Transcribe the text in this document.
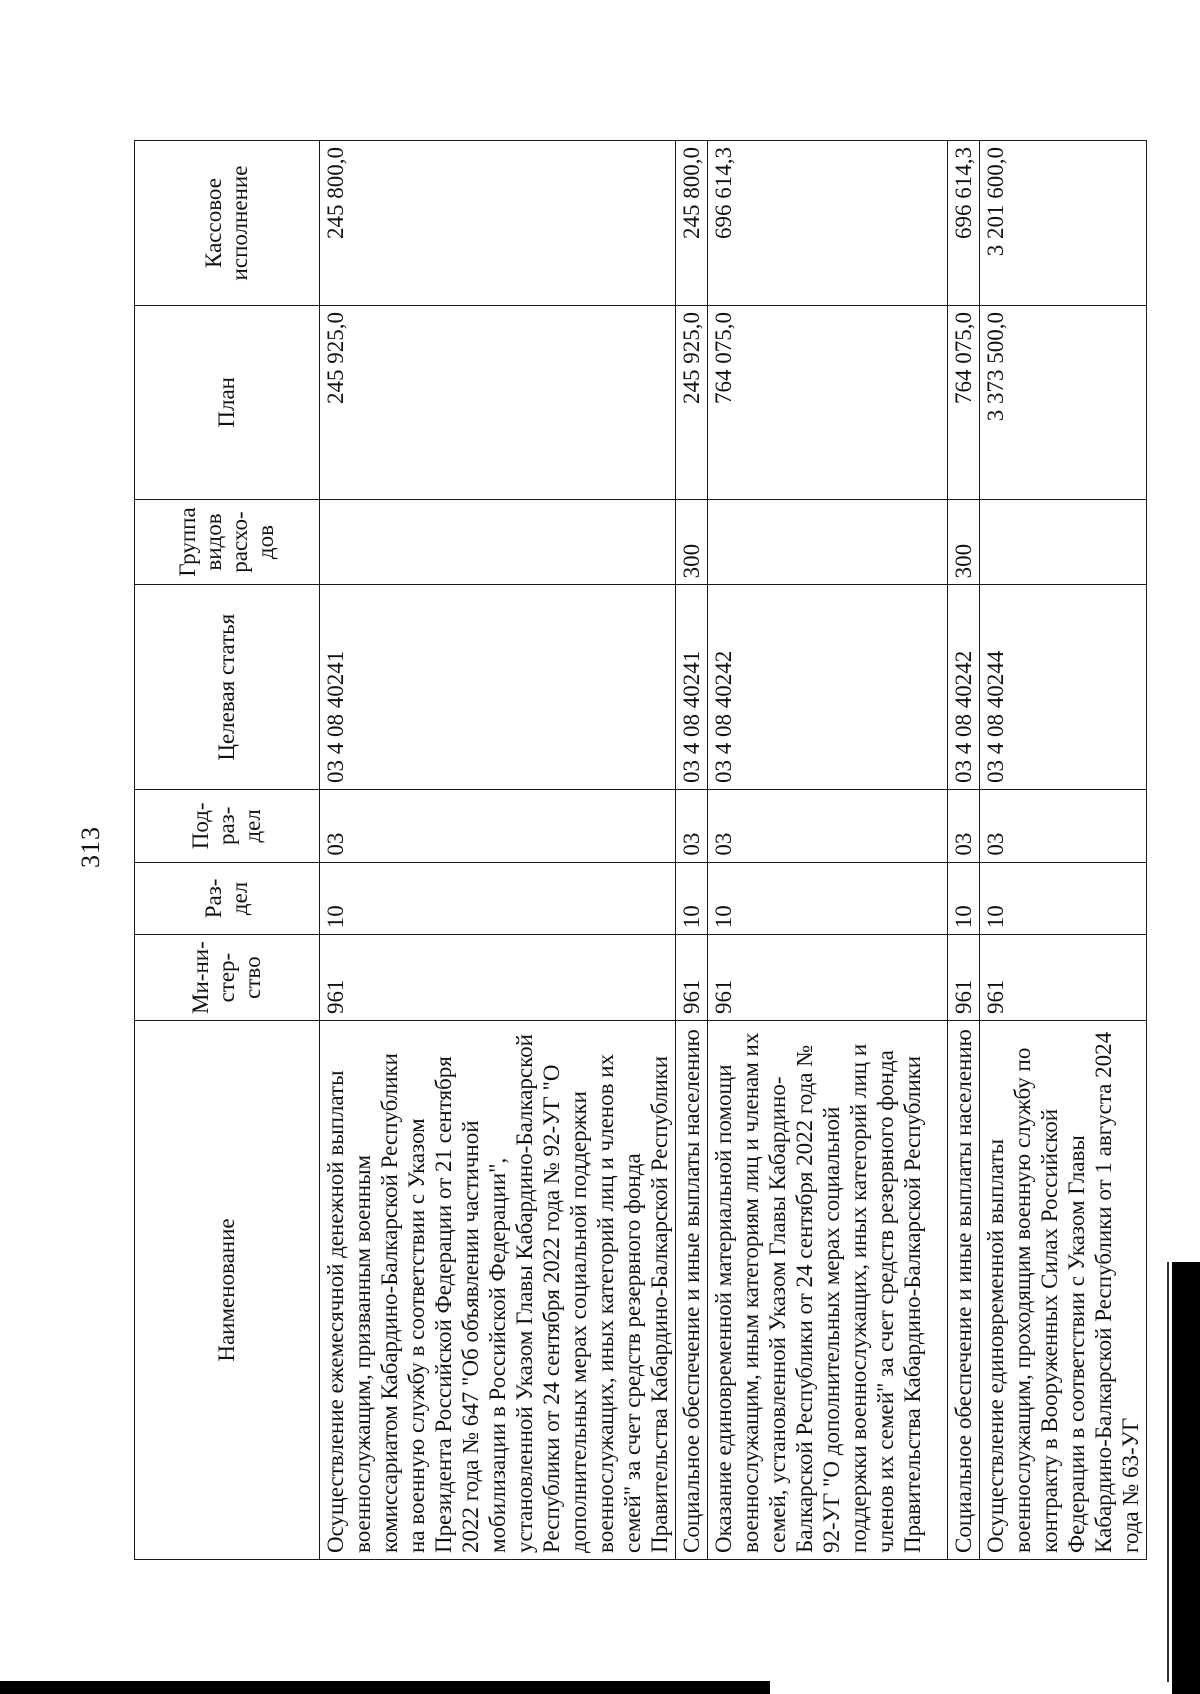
313
Наименование	Ми-ни-стер-ство	Раз-дел	Под-раз-дел	Целевая статья	Группа видов расхо-дов	План	Кассовое исполнение
Осуществление ежемесячной денежной выплаты военнослужащим, призванным военным комиссариатом Кабардино-Балкарской Республики на военную службу в соответствии с Указом Президента Российской Федерации от 21 сентября 2022 года № 647 "Об объявлении частичной мобилизации в Российской Федерации", установленной Указом Главы Кабардино-Балкарской Республики от 24 сентября 2022 года № 92-УГ "О дополнительных мерах социальной поддержки военнослужащих, иных категорий лиц и членов их семей" за счет средств резервного фонда Правительства Кабардино-Балкарской Республики	961	10	03	03 4 08 40241		245 925,0	245 800,0
Социальное обеспечение и иные выплаты населению	961	10	03	03 4 08 40241	300	245 925,0	245 800,0
Оказание единовременной материальной помощи военнослужащим, иным категориям лиц и членам их семей, установленной Указом Главы Кабардино-Балкарской Республики от 24 сентября 2022 года № 92-УГ "О дополнительных мерах социальной поддержки военнослужащих, иных категорий лиц и членов их семей" за счет средств резервного фонда Правительства Кабардино-Балкарской Республики	961	10	03	03 4 08 40242		764 075,0	696 614,3
Социальное обеспечение и иные выплаты населению	961	10	03	03 4 08 40242	300	764 075,0	696 614,3
Осуществление единовременной выплаты военнослужащим, проходящим военную службу по контракту в Вооруженных Силах Российской Федерации в соответствии с Указом Главы Кабардино-Балкарской Республики от 1 августа 2024 года № 63-УГ	961	10	03	03 4 08 40244		3 373 500,0	3 201 600,0
